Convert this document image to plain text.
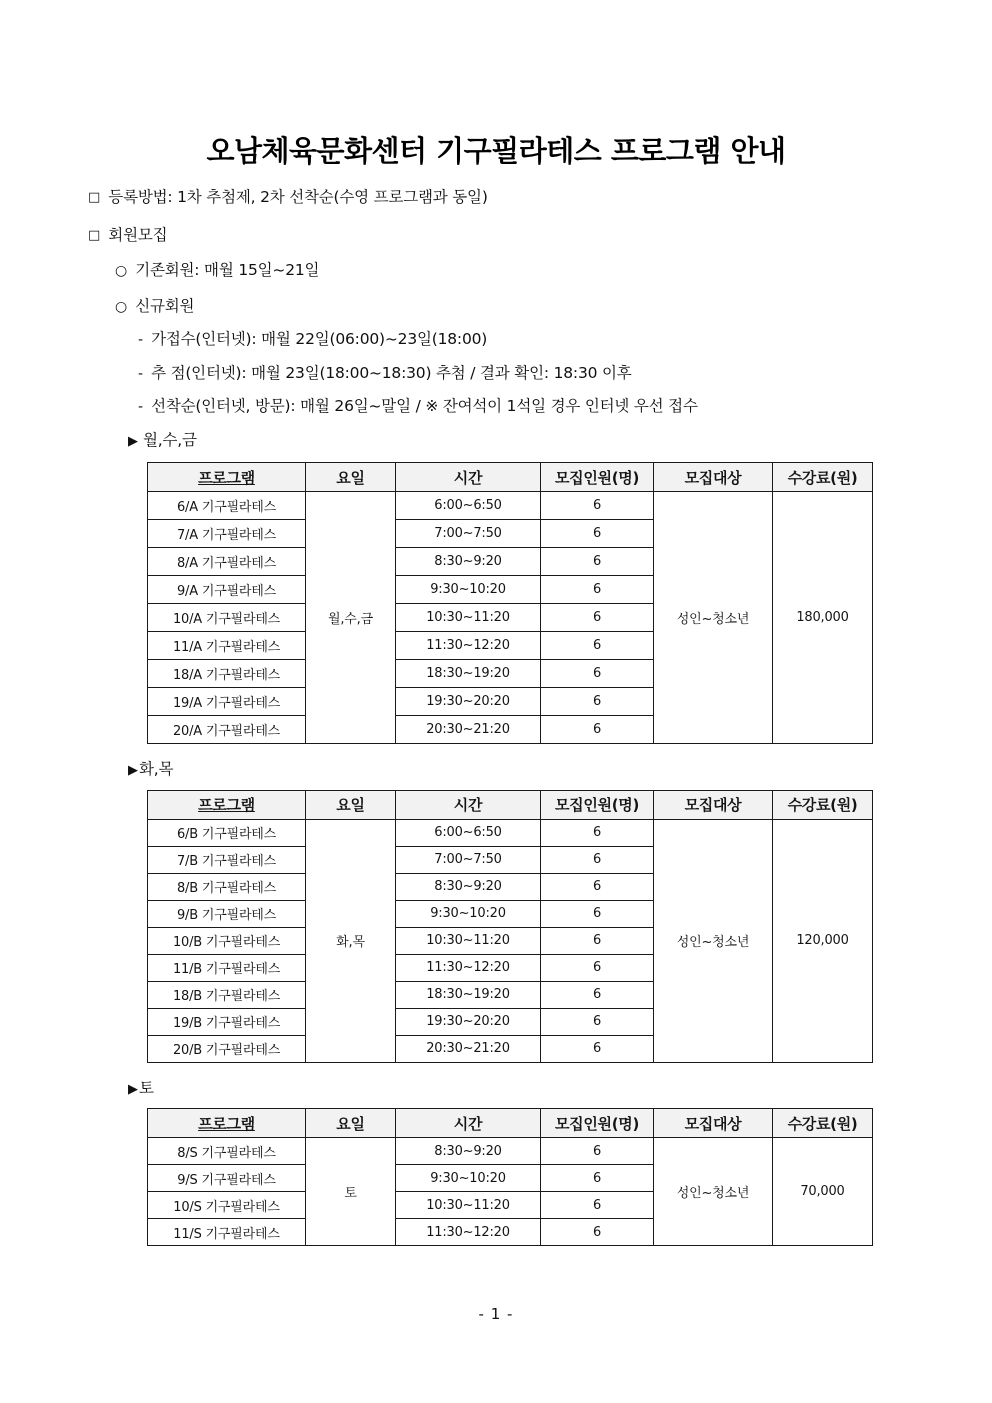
오남체육문화센터 기구필라테스 프로그램 안내
□ 등록방법: 1차 추첨제, 2차 선착순(수영 프로그램과 동일)
□ 회원모집
○ 기존회원: 매월 15일~21일
○ 신규회원
- 가접수(인터넷): 매월 22일(06:00)~23일(18:00)
- 추 점(인터넷): 매월 23일(18:00~18:30) 추첨 / 결과 확인: 18:30 이후
- 선착순(인터넷, 방문): 매월 26일~말일 / ※ 잔여석이 1석일 경우 인터넷 우선 접수
▶ 월,수,금
프로그램	요일	시간	모집인원(명)	모집대상	수강료(원)
6/A 기구필라테스	월,수,금	6:00~6:50	6	성인~청소년	180,000
7/A 기구필라테스		7:00~7:50	6		
8/A 기구필라테스		8:30~9:20	6		
9/A 기구필라테스		9:30~10:20	6		
10/A 기구필라테스		10:30~11:20	6		
11/A 기구필라테스		11:30~12:20	6		
18/A 기구필라테스		18:30~19:20	6		
19/A 기구필라테스		19:30~20:20	6		
20/A 기구필라테스		20:30~21:20	6		
▶ 화,목
프로그램	요일	시간	모집인원(명)	모집대상	수강료(원)
6/B 기구필라테스	화,목	6:00~6:50	6	성인~청소년	120,000
7/B 기구필라테스		7:00~7:50	6		
8/B 기구필라테스		8:30~9:20	6		
9/B 기구필라테스		9:30~10:20	6		
10/B 기구필라테스		10:30~11:20	6		
11/B 기구필라테스		11:30~12:20	6		
18/B 기구필라테스		18:30~19:20	6		
19/B 기구필라테스		19:30~20:20	6		
20/B 기구필라테스		20:30~21:20	6		
▶ 토
프로그램	요일	시간	모집인원(명)	모집대상	수강료(원)
8/S 기구필라테스	토	8:30~9:20	6	성인~청소년	70,000
9/S 기구필라테스		9:30~10:20	6		
10/S 기구필라테스		10:30~11:20	6		
11/S 기구필라테스		11:30~12:20	6		
- 1 -
